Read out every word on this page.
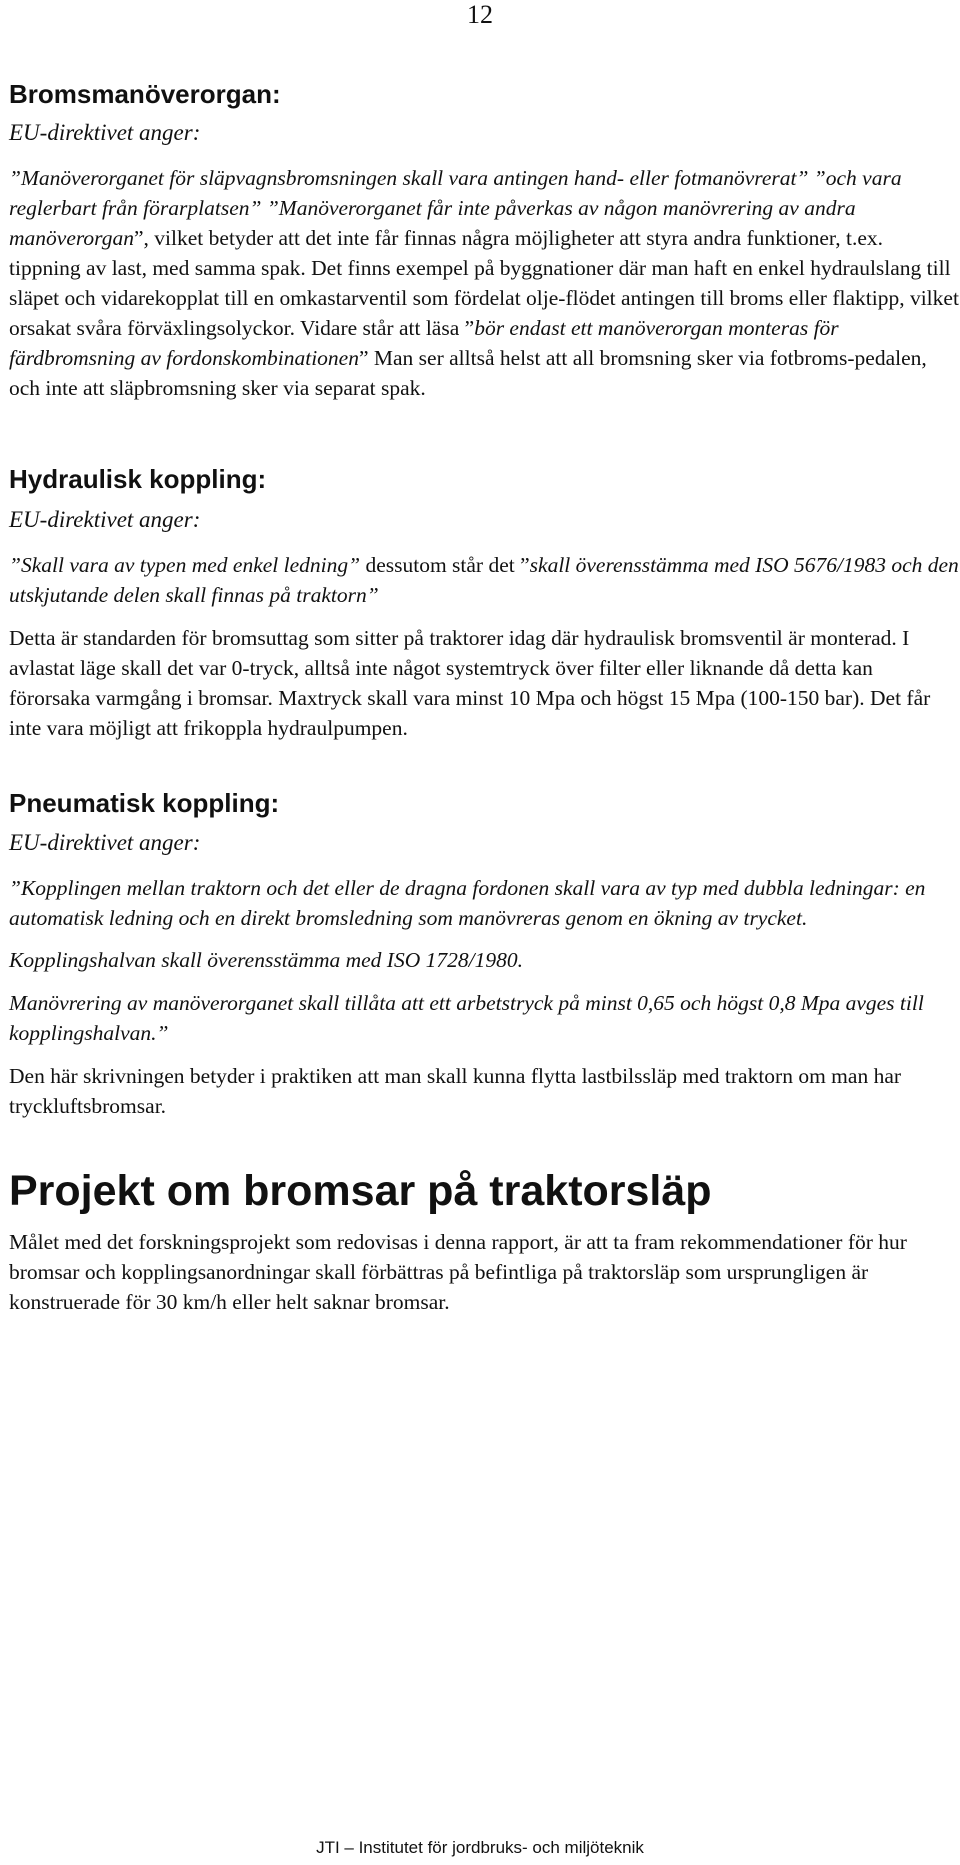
12
Bromsmanöverorgan:

EU-direktivet anger:

”Manöverorganet för släpvagnsbromsningen skall vara antingen hand- eller fotmanövrerat” ”och vara reglerbart från förarplatsen” ”Manöverorganet får inte påverkas av någon manövrering av andra manöverorgan”, vilket betyder att det inte får finnas några möjligheter att styra andra funktioner, t.ex. tippning av last, med samma spak. Det finns exempel på byggnationer där man haft en enkel hydraulslang till släpet och vidarekopplat till en omkastarventil som fördelat olje-flödet antingen till broms eller flaktipp, vilket orsakat svåra förväxlingsolyckor. Vidare står att läsa ”bör endast ett manöverorgan monteras för färdbromsning av fordonskombinationen” Man ser alltså helst att all bromsning sker via fotbroms-pedalen, och inte att släpbromsning sker via separat spak.

Hydraulisk koppling:

EU-direktivet anger:

”Skall vara av typen med enkel ledning” dessutom står det ”skall överensstämma med ISO 5676/1983 och den utskjutande delen skall finnas på traktorn”

Detta är standarden för bromsuttag som sitter på traktorer idag där hydraulisk bromsventil är monterad. I avlastat läge skall det var 0-tryck, alltså inte något systemtryck över filter eller liknande då detta kan förorsaka varmgång i bromsar. Maxtryck skall vara minst 10 Mpa och högst 15 Mpa (100-150 bar). Det får inte vara möjligt att frikoppla hydraulpumpen.

Pneumatisk koppling:

EU-direktivet anger:

”Kopplingen mellan traktorn och det eller de dragna fordonen skall vara av typ med dubbla ledningar: en automatisk ledning och en direkt bromsledning som manövreras genom en ökning av trycket.

Kopplingshalvan skall överensstämma med ISO 1728/1980.

Manövrering av manöverorganet skall tillåta att ett arbetstryck på minst 0,65 och högst 0,8 Mpa avges till kopplingshalvan.”

Den här skrivningen betyder i praktiken att man skall kunna flytta lastbilssläp med traktorn om man har tryckluftsbromsar.

Projekt om bromsar på traktorsläp

Målet med det forskningsprojekt som redovisas i denna rapport, är att ta fram rekommendationer för hur bromsar och kopplingsanordningar skall förbättras på befintliga på traktorsläp som ursprungligen är konstruerade för 30 km/h eller helt saknar bromsar.

JTI – Institutet för jordbruks- och miljöteknik
